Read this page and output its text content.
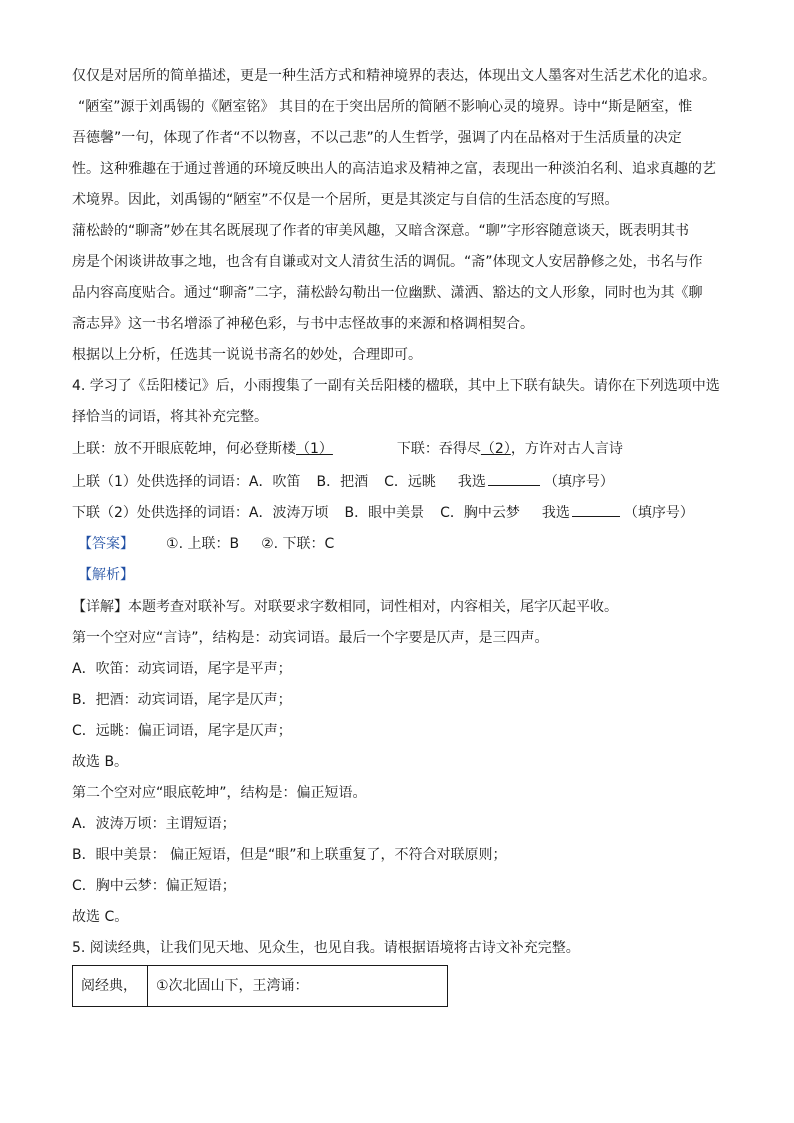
仅仅是对居所的简单描述，更是一种生活方式和精神境界的表达，体现出文人墨客对生活艺术化的追求。
“陋室”源于刘禹锡的《陋室铭》 其目的在于突出居所的简陋不影响心灵的境界。诗中“斯是陋室，惟
吾德馨”一句，体现了作者“不以物喜，不以己悲”的人生哲学，强调了内在品格对于生活质量的决定
性。这种雅趣在于通过普通的环境反映出人的高洁追求及精神之富，表现出一种淡泊名利、追求真趣的艺
术境界。因此，刘禹锡的“陋室”不仅是一个居所，更是其淡定与自信的生活态度的写照。
蒲松龄的“聊斋”妙在其名既展现了作者的审美风趣，又暗含深意。“聊”字形容随意谈天，既表明其书
房是个闲谈讲故事之地，也含有自谦或对文人清贫生活的调侃。“斋”体现文人安居静修之处，书名与作
品内容高度贴合。通过“聊斋”二字，蒲松龄勾勒出一位幽默、潇洒、豁达的文人形象，同时也为其《聊
斋志异》这一书名增添了神秘色彩，与书中志怪故事的来源和格调相契合。
根据以上分析，任选其一说说书斋名的妙处，合理即可。
4. 学习了《岳阳楼记》后，小雨搜集了一副有关岳阳楼的楹联，其中上下联有缺失。请你在下列选项中选
择恰当的词语，将其补充完整。
上联：放不开眼底乾坤，何必登斯楼（1）	下联：吞得尽（2），方许对古人言诗
上联（1）处供选择的词语：A．吹笛 B．把酒 C．远眺 我选	（填序号）
下联（2）处供选择的词语：A．波涛万顷 B．眼中美景 C．胸中云梦 我选	（填序号）
【答案】 ①. 上联：B ②. 下联：C
【解析】
【详解】本题考查对联补写。对联要求字数相同，词性相对，内容相关，尾字仄起平收。
第一个空对应“言诗”，结构是：动宾词语。最后一个字要是仄声，是三四声。
A．吹笛：动宾词语，尾字是平声；
B．把酒：动宾词语，尾字是仄声；
C．远眺：偏正词语，尾字是仄声；
故选 B。
第二个空对应“眼底乾坤”，结构是：偏正短语。
A．波涛万顷：主谓短语；
B．眼中美景： 偏正短语，但是“眼”和上联重复了，不符合对联原则；
C．胸中云梦：偏正短语；
故选 C。
5. 阅读经典，让我们见天地、见众生，也见自我。请根据语境将古诗文补充完整。
阅经典，	①次北固山下，王湾诵：
